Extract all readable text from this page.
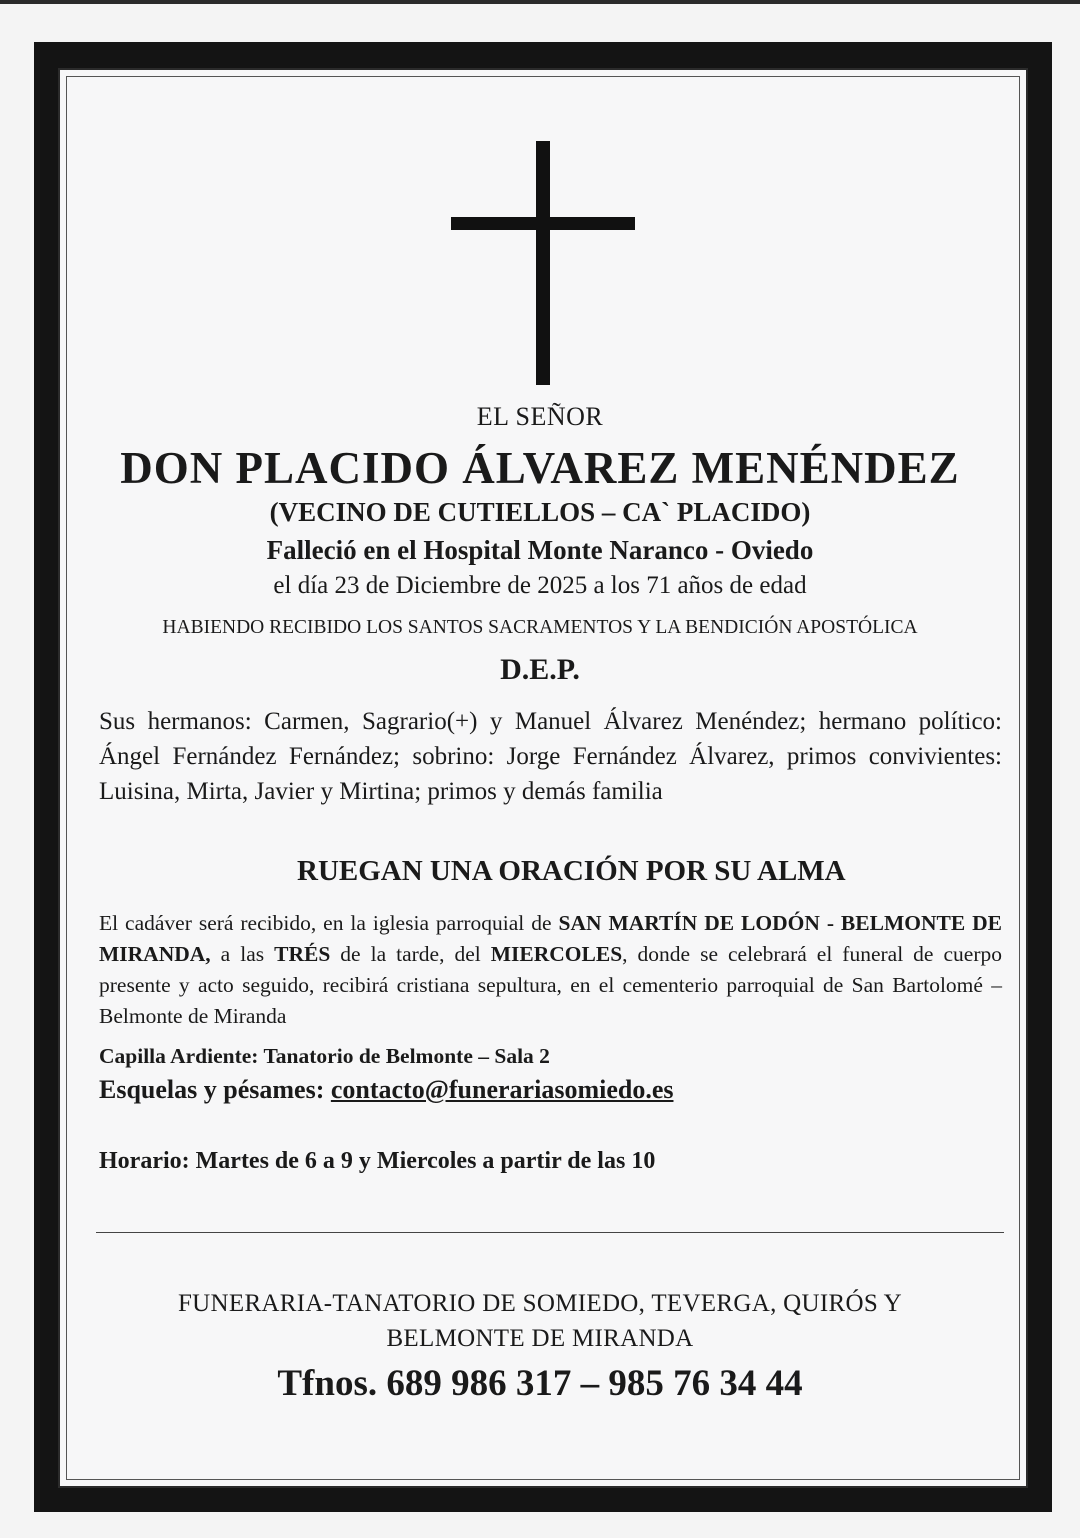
EL SEÑOR
DON PLACIDO ÁLVAREZ MENÉNDEZ
(VECINO DE CUTIELLOS – CA` PLACIDO)
Falleció en el Hospital Monte Naranco - Oviedo
el día 23 de Diciembre de 2025 a los 71 años de edad
HABIENDO RECIBIDO LOS SANTOS SACRAMENTOS Y LA BENDICIÓN APOSTÓLICA
D.E.P.
Sus hermanos: Carmen, Sagrario(+) y Manuel Álvarez Menéndez; hermano político: Ángel Fernández Fernández; sobrino: Jorge Fernández Álvarez, primos convivientes: Luisina, Mirta, Javier y Mirtina; primos y demás familia
RUEGAN UNA ORACIÓN POR SU ALMA
El cadáver será recibido, en la iglesia parroquial de SAN MARTÍN DE LODÓN - BELMONTE DE MIRANDA, a las TRÉS de la tarde, del MIERCOLES, donde se celebrará el funeral de cuerpo presente y acto seguido, recibirá cristiana sepultura, en el cementerio parroquial de San Bartolomé – Belmonte de Miranda
Capilla Ardiente: Tanatorio de Belmonte – Sala 2
Esquelas y pésames: contacto@funerariasomiedo.es
Horario: Martes de 6 a 9 y Miercoles a partir de las 10
FUNERARIA-TANATORIO DE SOMIEDO, TEVERGA, QUIRÓS Y
BELMONTE DE MIRANDA
Tfnos. 689 986 317 – 985 76 34 44
